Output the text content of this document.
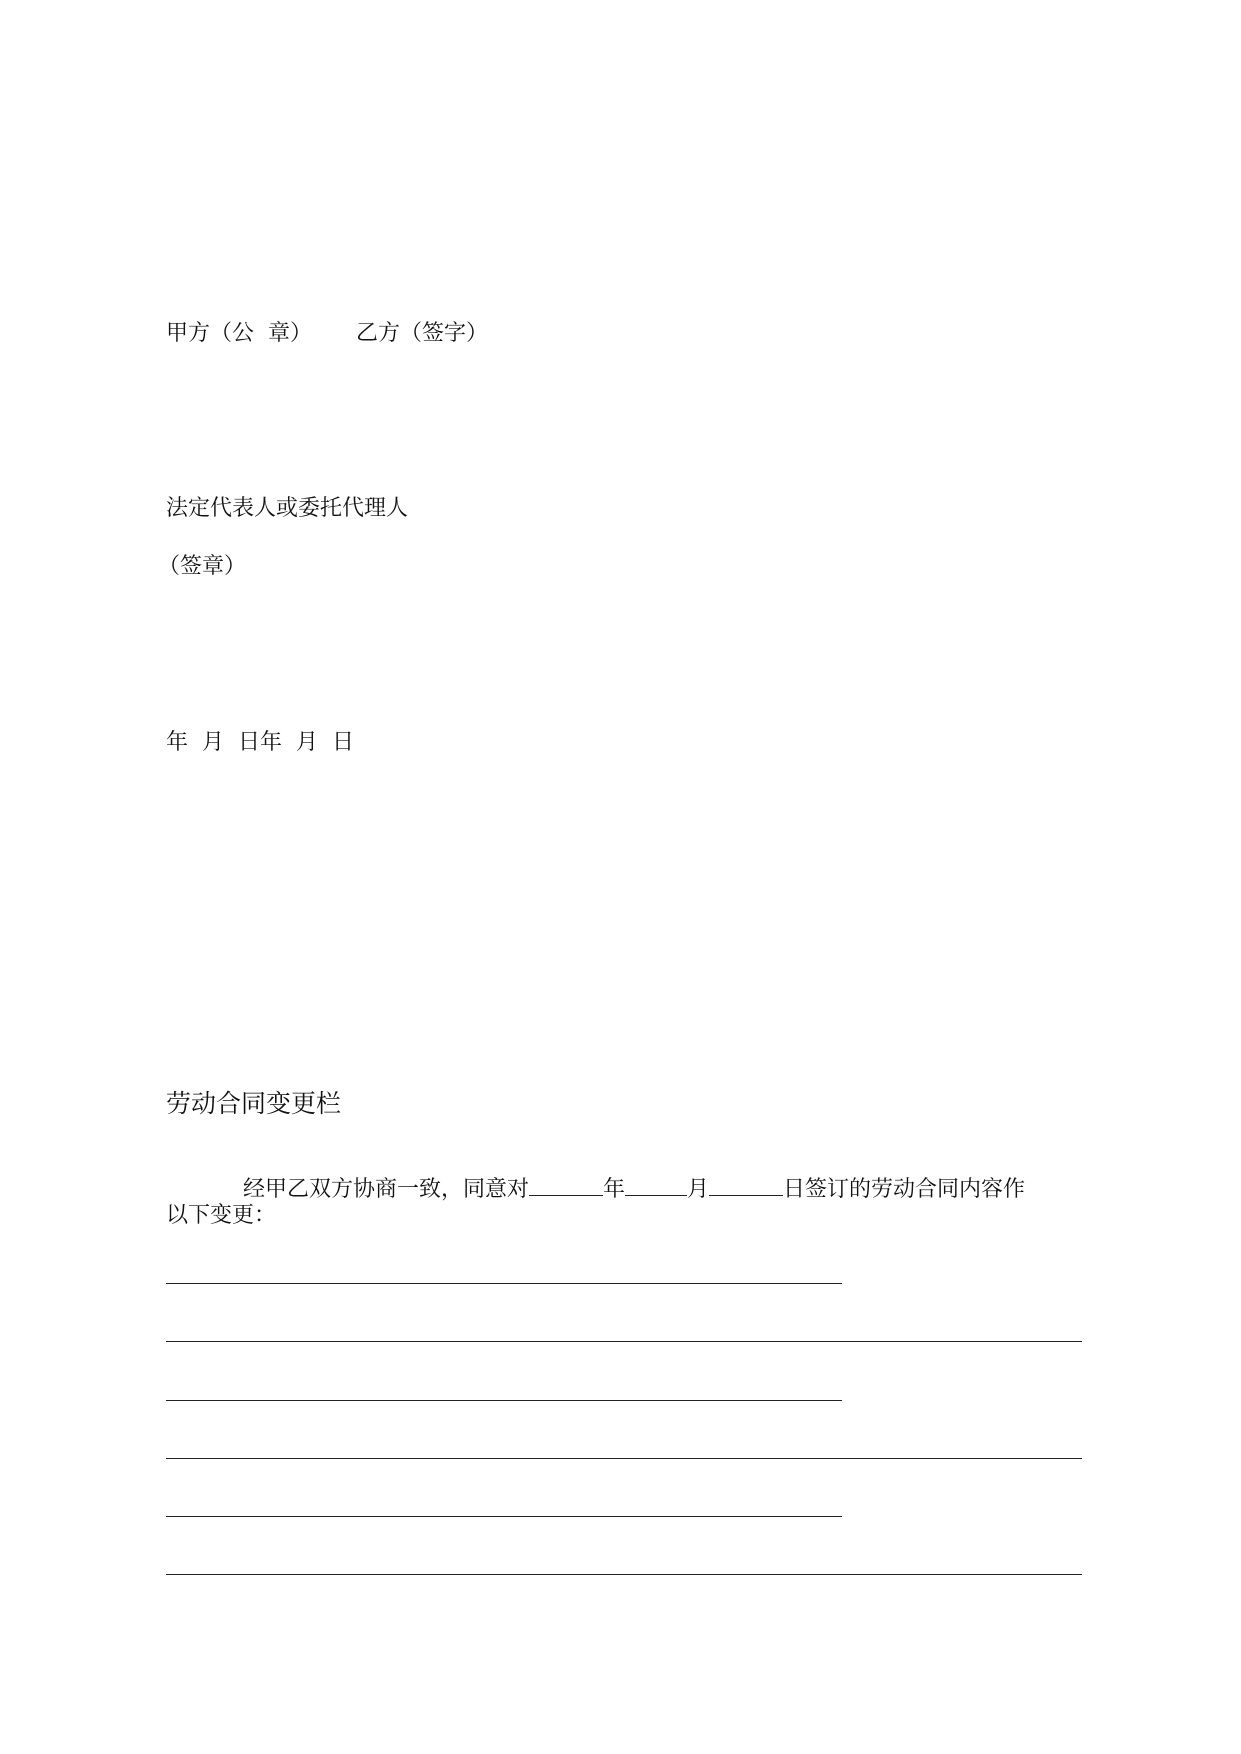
甲方（公  章） 乙方（签字）
法定代表人或委托代理人
（签章）
年  月  日年  月  日
劳动合同变更栏

经甲乙双方协商一致，同意对	年	月	日签订的劳动合同内容作

以下变更：
